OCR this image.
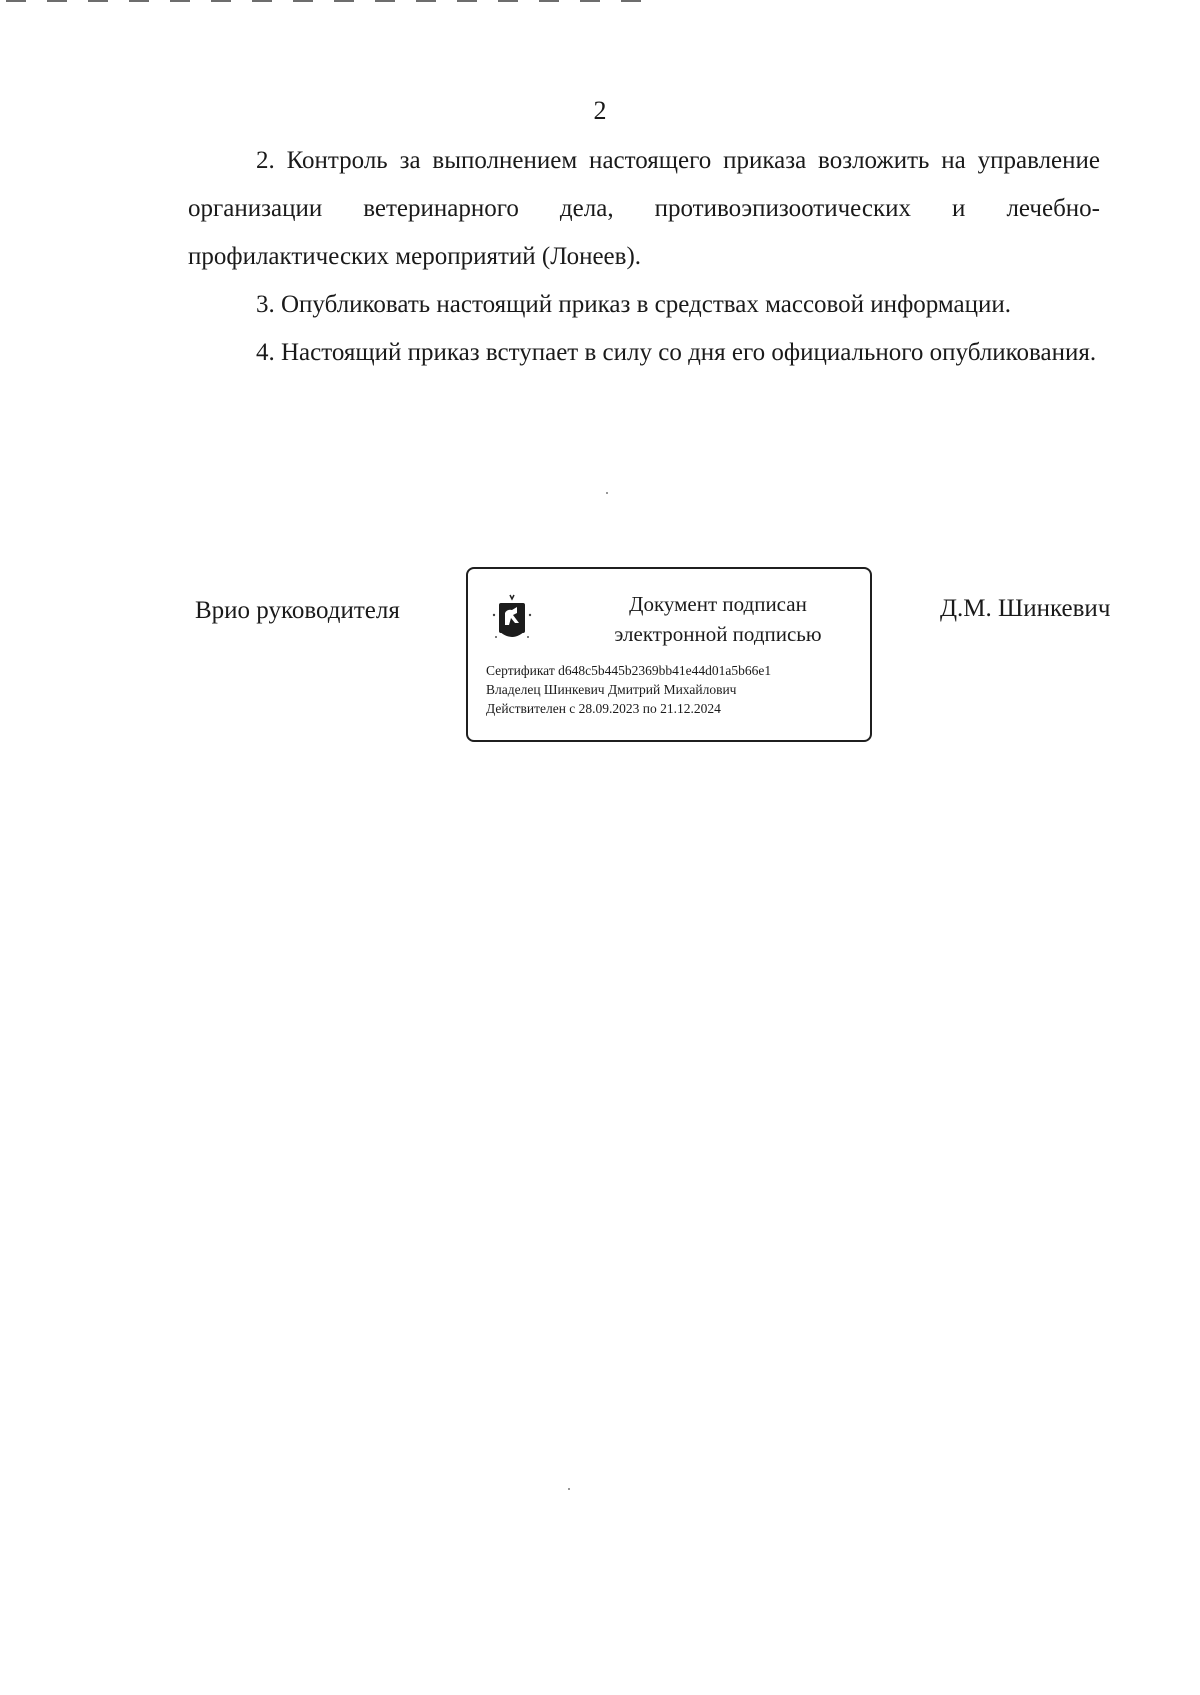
2

2. Контроль за выполнением настоящего приказа возложить на управление организации ветеринарного дела, противоэпизоотических и лечебно-профилактических мероприятий (Лонеев).

3. Опубликовать настоящий приказ в средствах массовой информации.

4. Настоящий приказ вступает в силу со дня его официального опубликования.

Врио руководителя	Документ подписан
электронной подписью
Сертификат d648c5b445b2369bb41e44d01a5b66e1
Владелец Шинкевич Дмитрий Михайлович
Действителен с 28.09.2023 по 21.12.2024
Д.М. Шинкевич
